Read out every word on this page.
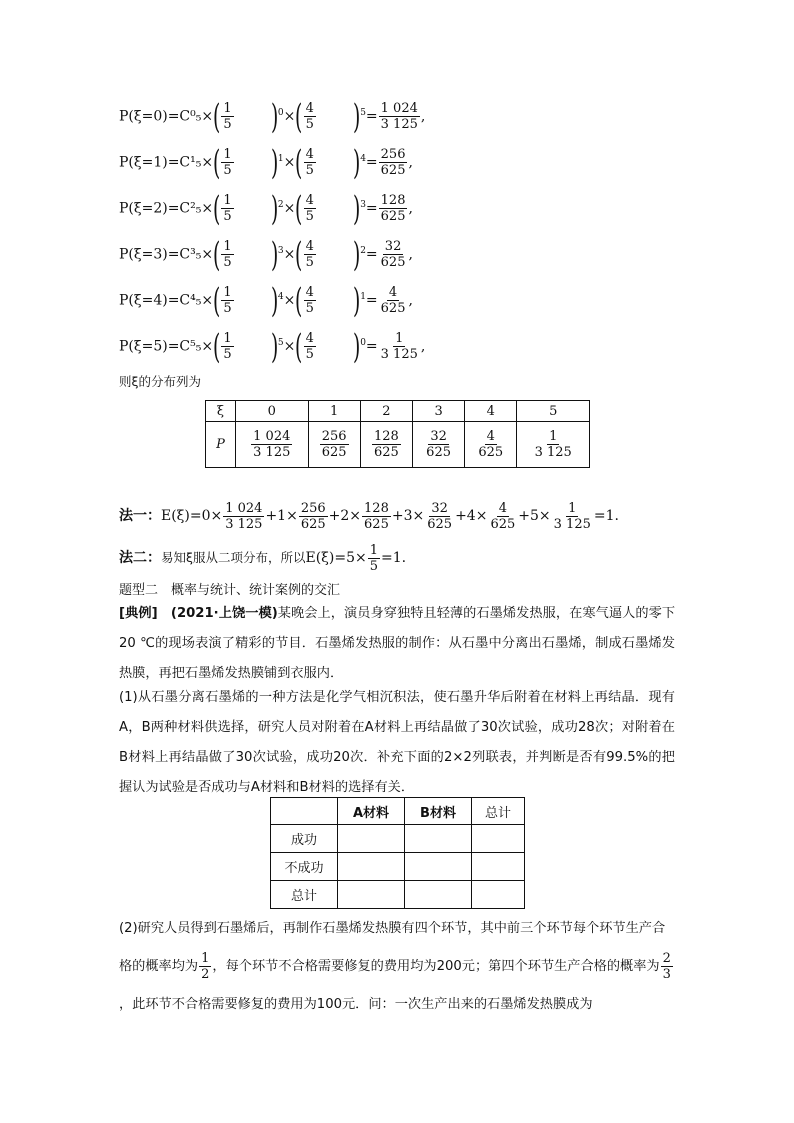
$P(\xi=0)=C^0_5\times( \frac{1}{5} )^0\times( \frac{4}{5} )^5= \frac{1 024}{3 125}$ ,
$P(\xi=1)=C^1_5\times( \frac{1}{5} )^1\times( \frac{4}{5} )^4= \frac{256}{625}$ ,
$P(\xi=2)=C^2_5\times( \frac{1}{5} )^2\times( \frac{4}{5} )^3= \frac{128}{625}$ ,
$P(\xi=3)=C^3_5\times( \frac{1}{5} )^3\times( \frac{4}{5} )^2= \frac{32}{625}$ ,
$P(\xi=4)=C^4_5\times( \frac{1}{5} )^4\times( \frac{4}{5} )^1= \frac{4}{625}$ ,
$P(\xi=5)=C^5_5\times( \frac{1}{5} )^5\times( \frac{4}{5} )^0= \frac{1}{3 125}$ ,
则ξ的分布列为
ξ	0	1	2	3	4	5
P	$\frac{1 024}{3 125}$	$\frac{256}{625}$	$\frac{128}{625}$	$\frac{32}{625}$	$\frac{4}{625}$	$\frac{1}{3 125}$
法一：$E(\xi)=0\times \frac{1 024}{3 125} +1\times \frac{256}{625} +2\times \frac{128}{625} +3\times \frac{32}{625} +4\times \frac{4}{625} +5\times \frac{1}{3 125} =1$.
法二：易知ξ服从二项分布，所以$E(\xi)=5\times \frac{1}{5} =1$.
题型二　概率与统计、统计案例的交汇
[典例]　 (2021·上饶一模)某晚会上，演员身穿独特且轻薄的石墨烯发热服，在寒气逼人的零下20 ℃的现场表演了精彩的节目．石墨烯发热服的制作：从石墨中分离出石墨烯，制成石墨烯发热膜，再把石墨烯发热膜铺到衣服内．
(1)从石墨分离石墨烯的一种方法是化学气相沉积法，使石墨升华后附着在材料上再结晶．现有A，B两种材料供选择，研究人员对附着在A材料上再结晶做了30次试验，成功28次；对附着在B材料上再结晶做了30次试验，成功20次．补充下面的2×2列联表，并判断是否有99.5%的把握认为试验是否成功与A材料和B材料的选择有关．
	A材料	B材料	总计
成功			
不成功			
总计			
(2)研究人员得到石墨烯后，再制作石墨烯发热膜有四个环节，其中前三个环节每个环节生产合格的概率均为 $\frac{1}{2}$ ，每个环节不合格需要修复的费用均为200元；第四个环节生产合格的概率为 $\frac{2}{3}$
，此环节不合格需要修复的费用为100元．问：一次生产出来的石墨烯发热膜成为
